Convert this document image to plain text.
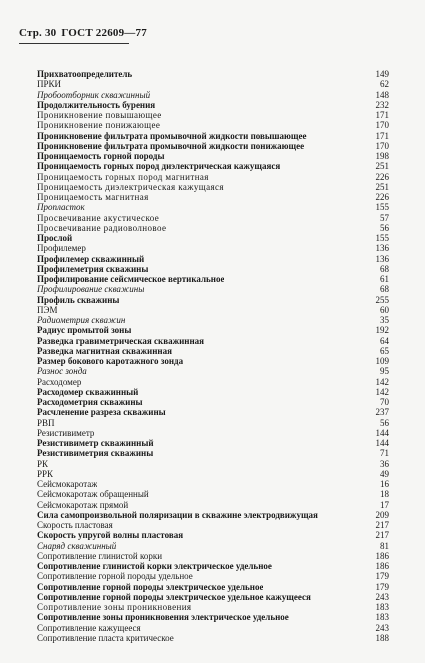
Стр. 30 ГОСТ 22609—77
Прихватоопределитель	149
ПРКИ	62
Пробоотборник скважинный	148
Продолжительность бурения	232
Проникновение повышающее	171
Проникновение понижающее	170
Проникновение фильтрата промывочной жидкости повышающее	171
Проникновение фильтрата промывочной жидкости понижающее	170
Проницаемость горной породы	198
Проницаемость горных пород диэлектрическая кажущаяся	251
Проницаемость горных пород магнитная	226
Проницаемость диэлектрическая кажущаяся	251
Проницаемость магнитная	226
Пропласток	155
Просвечивание акустическое	57
Просвечивание радиоволновое	56
Прослой	155
Профилемер	136
Профилемер скважинный	136
Профилеметрия скважины	68
Профилирование сейсмическое вертикальное	61
Профилирование скважины	68
Профиль скважины	255
ПЭМ	60
Радиометрия скважин	35
Радиус промытой зоны	192
Разведка гравиметрическая скважинная	64
Разведка магнитная скважинная	65
Размер бокового каротажного зонда	109
Разнос зонда	95
Расходомер	142
Расходомер скважинный	142
Расходометрия скважины	70
Расчленение разреза скважины	237
РВП	56
Резистивиметр	144
Резистивиметр скважинный	144
Резистивиметрия скважины	71
РК	36
РРК	49
Сейсмокаротаж	16
Сейсмокаротаж обращенный	18
Сейсмокаротаж прямой	17
Сила самопроизвольной поляризации в скважине электродвижущая	209
Скорость пластовая	217
Скорость упругой волны пластовая	217
Снаряд скважинный	81
Сопротивление глинистой корки	186
Сопротивление глинистой корки электрическое удельное	186
Сопротивление горной породы удельное	179
Сопротивление горной породы электрическое удельное	179
Сопротивление горной породы электрическое удельное кажущееся	243
Сопротивление зоны проникновения	183
Сопротивление зоны проникновения электрическое удельное	183
Сопротивление кажущееся	243
Сопротивление пласта критическое	188
